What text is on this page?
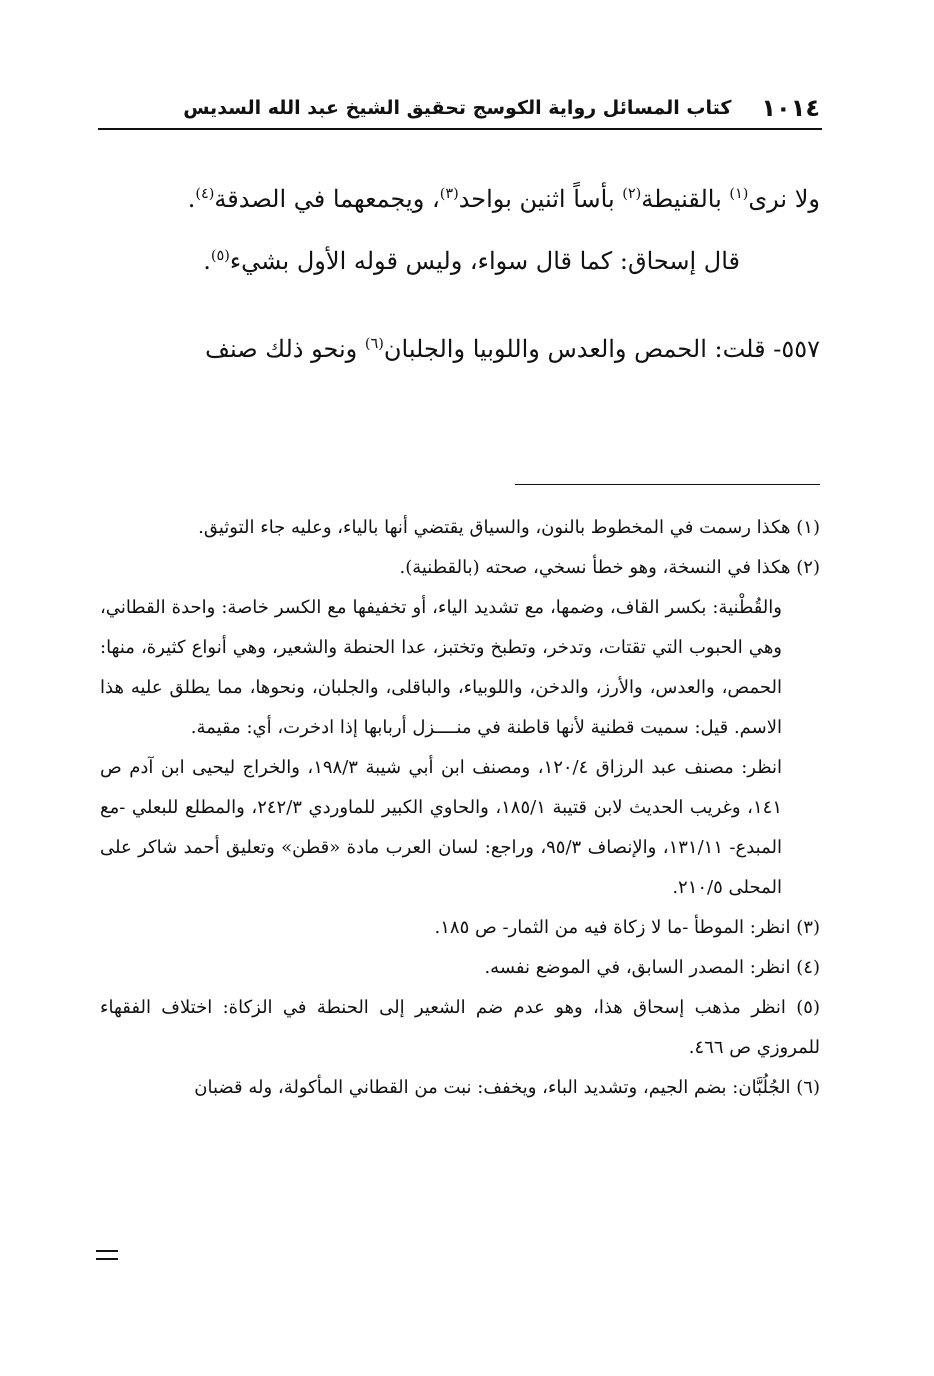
١٠١٤
كتاب المسائل رواية الكوسج تحقيق الشيخ عبد الله السديس

ولا نرى$^{(١)}$ بالقنيطة$^{(٢)}$ بأساً اثنين بواحد$^{(٣)}$، ويجمعهما في الصدقة$^{(٤)}$.

قال إسحاق: كما قال سواء، وليس قوله الأول بشيء$^{(٥)}$.

٥٥٧- قلت: الحمص والعدس واللوبيا والجلبان$^{(٦)}$ ونحو ذلك صنف

(١) هكذا رسمت في المخطوط بالنون، والسياق يقتضي أنها بالياء، وعليه جاء التوثيق.

(٢) هكذا في النسخة، وهو خطأ نسخي، صحته (بالقطنية).

والقُطْنية: بكسر القاف، وضمها، مع تشديد الياء، أو تخفيفها مع الكسر خاصة: واحدة القطاني، وهي الحبوب التي تقتات، وتدخر، وتطبخ وتختبز، عدا الحنطة والشعير، وهي أنواع كثيرة، منها: الحمص، والعدس، والأرز، والدخن، واللوبياء، والباقلى، والجلبان، ونحوها، مما يطلق عليه هذا الاسم. قيل: سميت قطنية لأنها قاطنة في منــــزل أربابها إذا ادخرت، أي: مقيمة.

انظر: مصنف عبد الرزاق ١٢٠/٤، ومصنف ابن أبي شيبة ١٩٨/٣، والخراج ليحيى ابن آدم ص ١٤١، وغريب الحديث لابن قتيبة ١٨٥/١، والحاوي الكبير للماوردي ٢٤٢/٣، والمطلع للبعلي -مع المبدع- ١٣١/١١، والإنصاف ٩٥/٣، وراجع: لسان العرب مادة «قطن» وتعليق أحمد شاكر على المحلى ٢١٠/٥.

(٣) انظر: الموطأ -ما لا زكاة فيه من الثمار- ص ١٨٥.

(٤) انظر: المصدر السابق، في الموضع نفسه.

(٥) انظر مذهب إسحاق هذا، وهو عدم ضم الشعير إلى الحنطة في الزكاة: اختلاف الفقهاء للمروزي ص ٤٦٦.

(٦) الجُلُبَّان: بضم الجيم، وتشديد الباء، ويخفف: نبت من القطاني المأكولة، وله قضبان
